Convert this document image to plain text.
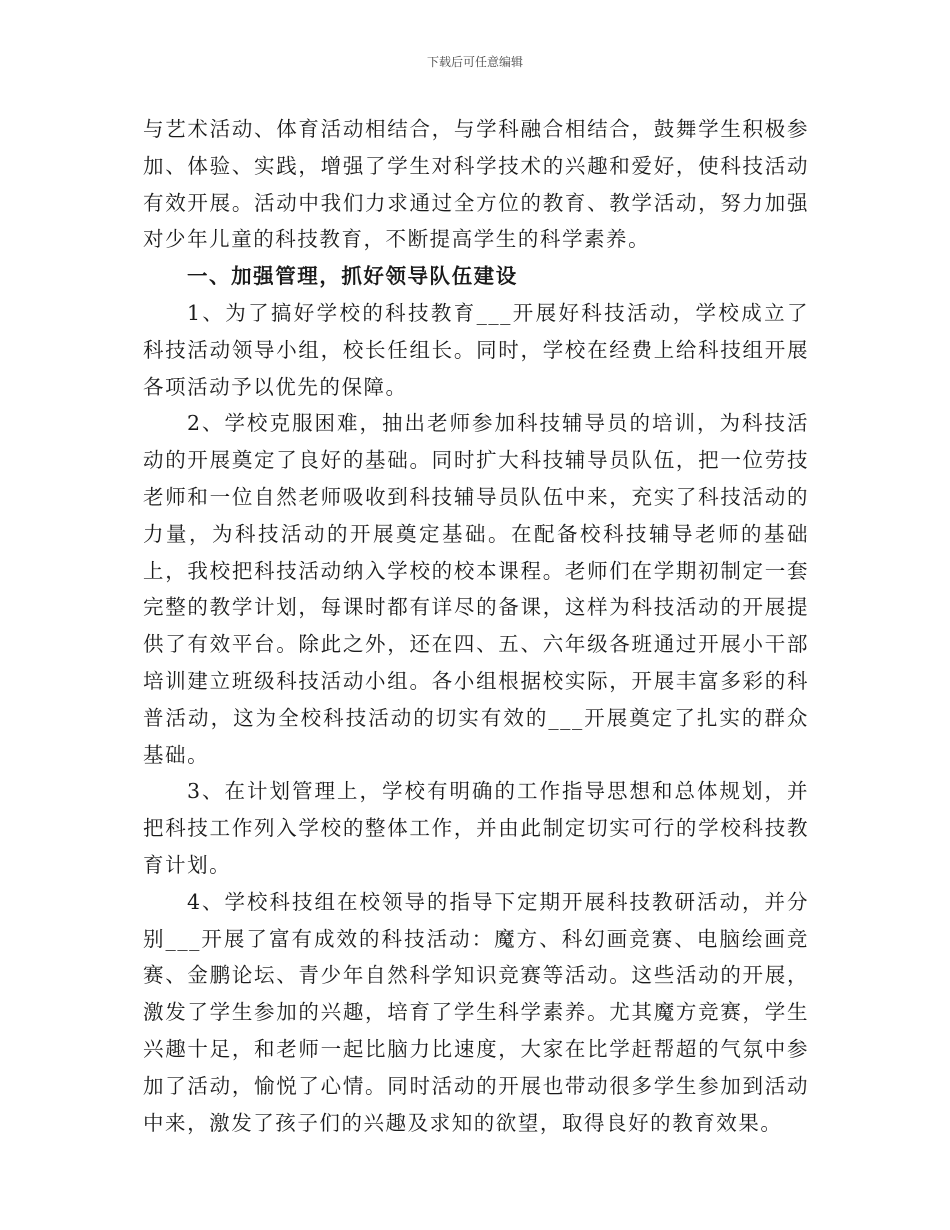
下载后可任意编辑

与艺术活动、体育活动相结合，与学科融合相结合，鼓舞学生积极参加、体验、实践，增强了学生对科学技术的兴趣和爱好，使科技活动有效开展。活动中我们力求通过全方位的教育、教学活动，努力加强对少年儿童的科技教育，不断提高学生的科学素养。

一、加强管理，抓好领导队伍建设

1、为了搞好学校的科技教育___开展好科技活动，学校成立了科技活动领导小组，校长任组长。同时，学校在经费上给科技组开展各项活动予以优先的保障。

2、学校克服困难，抽出老师参加科技辅导员的培训，为科技活动的开展奠定了良好的基础。同时扩大科技辅导员队伍，把一位劳技老师和一位自然老师吸收到科技辅导员队伍中来，充实了科技活动的力量，为科技活动的开展奠定基础。在配备校科技辅导老师的基础上，我校把科技活动纳入学校的校本课程。老师们在学期初制定一套完整的教学计划，每课时都有详尽的备课，这样为科技活动的开展提供了有效平台。除此之外，还在四、五、六年级各班通过开展小干部培训建立班级科技活动小组。各小组根据校实际，开展丰富多彩的科普活动，这为全校科技活动的切实有效的___开展奠定了扎实的群众基础。

3、在计划管理上，学校有明确的工作指导思想和总体规划，并把科技工作列入学校的整体工作，并由此制定切实可行的学校科技教育计划。

4、学校科技组在校领导的指导下定期开展科技教研活动，并分别___开展了富有成效的科技活动：魔方、科幻画竞赛、电脑绘画竞赛、金鹏论坛、青少年自然科学知识竞赛等活动。这些活动的开展，激发了学生参加的兴趣，培育了学生科学素养。尤其魔方竞赛，学生兴趣十足，和老师一起比脑力比速度，大家在比学赶帮超的气氛中参加了活动，愉悦了心情。同时活动的开展也带动很多学生参加到活动中来，激发了孩子们的兴趣及求知的欲望，取得良好的教育效果。
